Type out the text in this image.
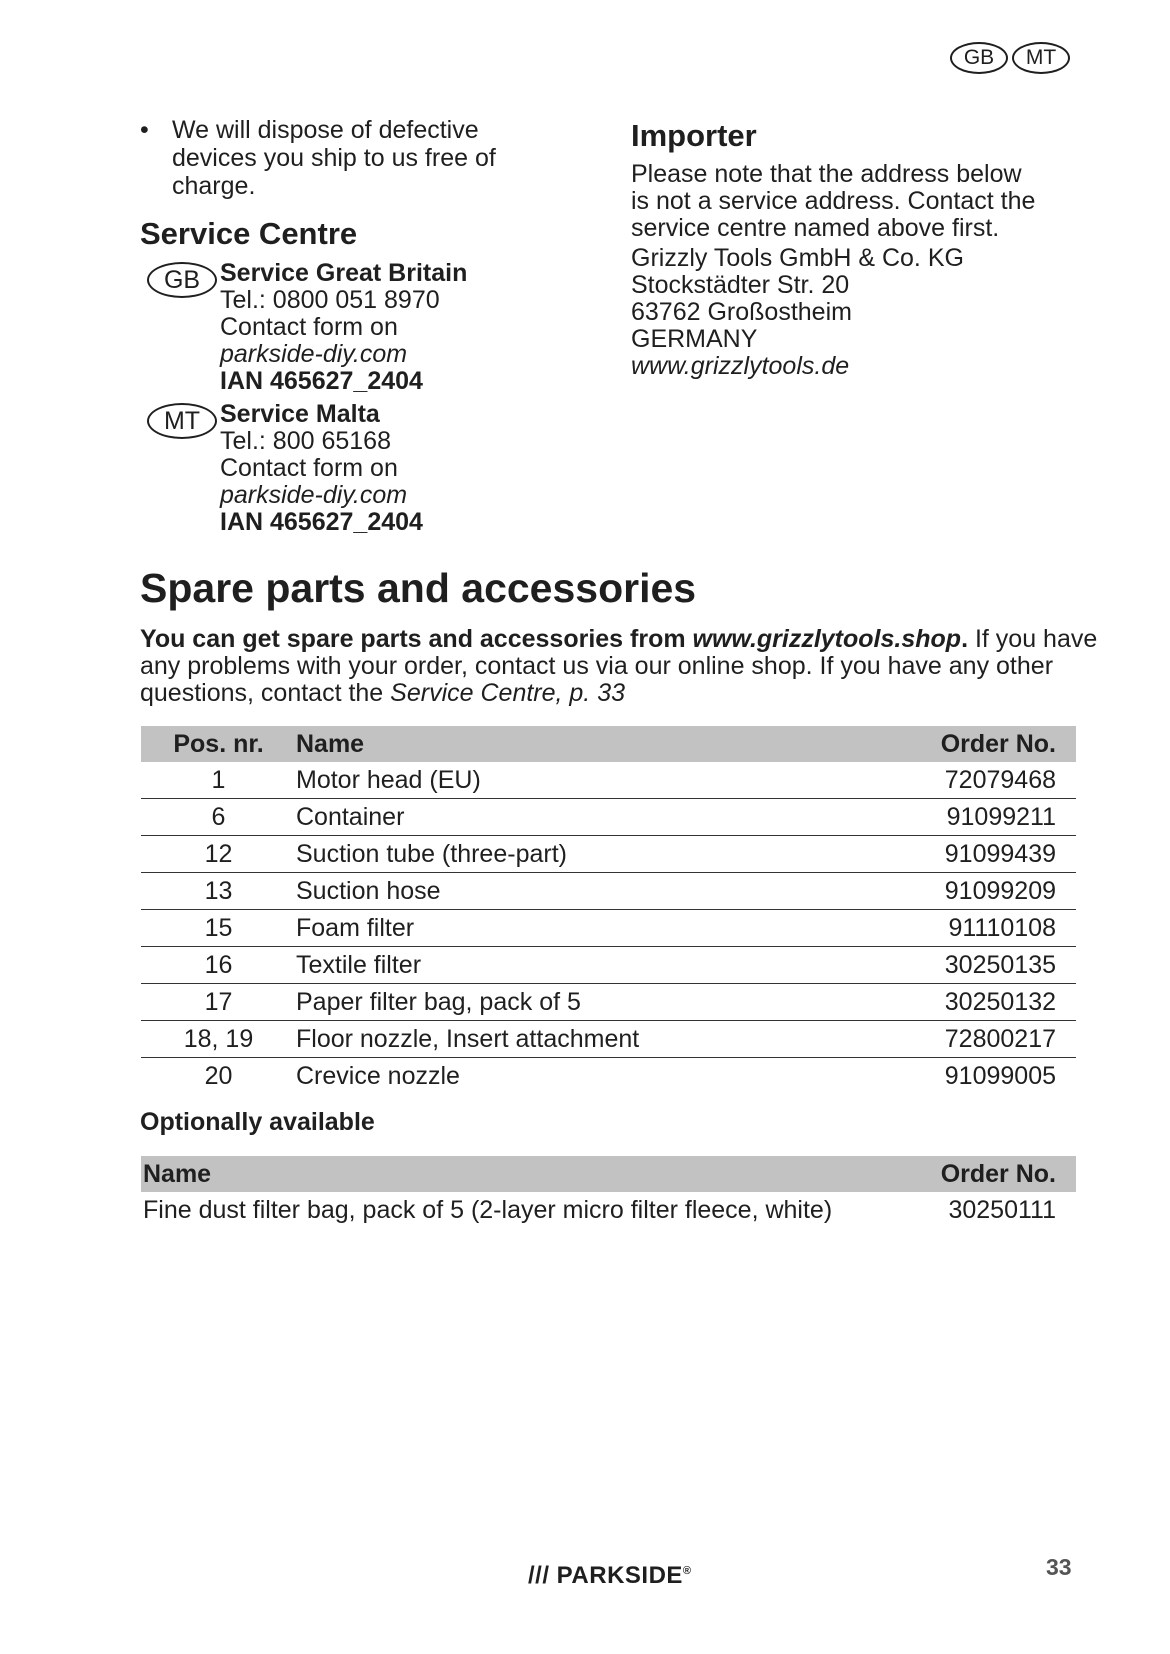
GB	MT
• We will dispose of defective
devices you ship to us free of
charge.
Service Centre
GB Service Great Britain
Tel.: 0800 051 8970
Contact form on
parkside-diy.com
IAN 465627_2404
MT Service Malta
Tel.: 800 65168
Contact form on
parkside-diy.com
IAN 465627_2404
Importer
Please note that the address below
is not a service address. Contact the
service centre named above first.
Grizzly Tools GmbH & Co. KG
Stockstädter Str. 20
63762 Großostheim
GERMANY
www.grizzlytools.de
Spare parts and accessories
You can get spare parts and accessories from www.grizzlytools.shop. If you have any problems with your order, contact us via our online shop. If you have any other questions, contact the Service Centre, p. 33
Pos. nr.	Name	Order No.
1	Motor head (EU)	72079468
6	Container	91099211
12	Suction tube (three-part)	91099439
13	Suction hose	91099209
15	Foam filter	91110108
16	Textile filter	30250135
17	Paper filter bag, pack of 5	30250132
18, 19	Floor nozzle, Insert attachment	72800217
20	Crevice nozzle	91099005
Optionally available
Name	Order No.
Fine dust filter bag, pack of 5 (2-layer micro filter fleece, white)	30250111
/// PARKSIDE®	33
